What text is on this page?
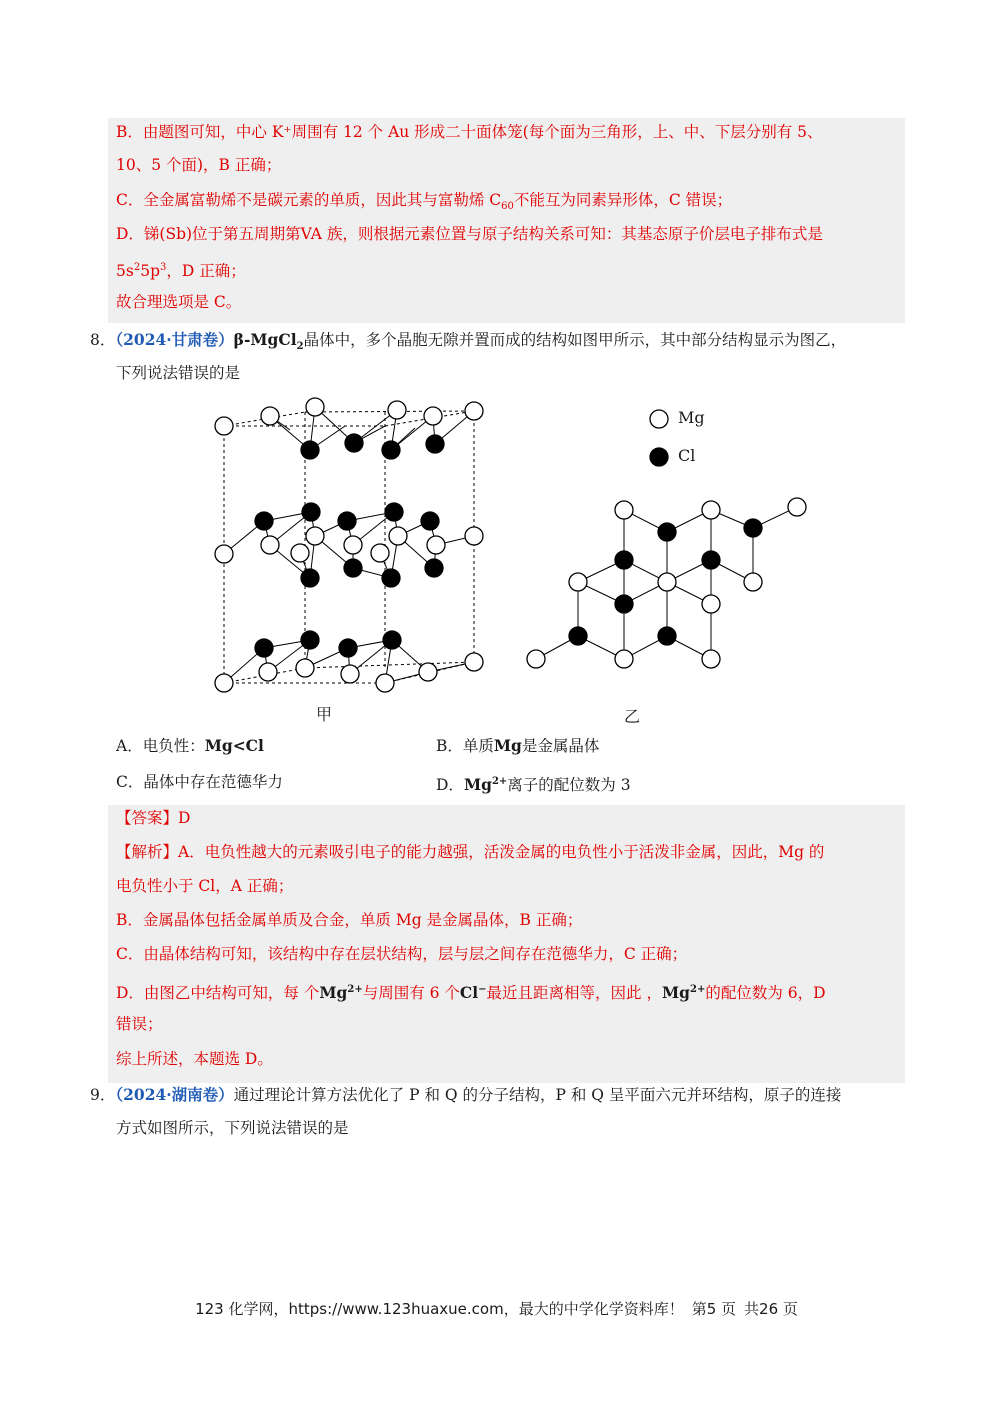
B．由题图可知，中心 K⁺周围有 12 个 Au 形成二十面体笼(每个面为三角形，上、中、下层分别有 5、
10、5 个面)，B 正确；
C．全金属富勒烯不是碳元素的单质，因此其与富勒烯 $C_{60}$不能互为同素异形体，C 错误；
D．锑(Sb)位于第五周期第VA 族，则根据元素位置与原子结构关系可知：其基态原子价层电子排布式是
$5s^25p^3$，D 正确；
故合理选项是 C。
8．（2024·甘肃卷）β-MgCl$_2$晶体中，多个晶胞无隙并置而成的结构如图甲所示，其中部分结构显示为图乙，
下列说法错误的是
甲
Mg
Cl
乙
A．电负性：Mg<Cl	B．单质Mg是金属晶体
C．晶体中存在范德华力	D．$Mg^{2+}$离子的配位数为 3
【答案】D
【解析】A．电负性越大的元素吸引电子的能力越强，活泼金属的电负性小于活泼非金属，因此，Mg 的
电负性小于 Cl，A 正确；
B．金属晶体包括金属单质及合金，单质 Mg 是金属晶体，B 正确；
C．由晶体结构可知，该结构中存在层状结构，层与层之间存在范德华力，C 正确；
D．由图乙中结构可知，每 个$Mg^{2+}$与周围有 6 个Cl−最近且距离相等，因此 ，$Mg^{2+}$的配位数为 6，D
错误；
综上所述，本题选 D。
9．（2024·湖南卷）通过理论计算方法优化了 P 和 Q 的分子结构，P 和 Q 呈平面六元并环结构，原子的连接
方式如图所示，下列说法错误的是
123 化学网，https://www.123huaxue.com，最大的中学化学资料库！ 第5 页 共26 页
